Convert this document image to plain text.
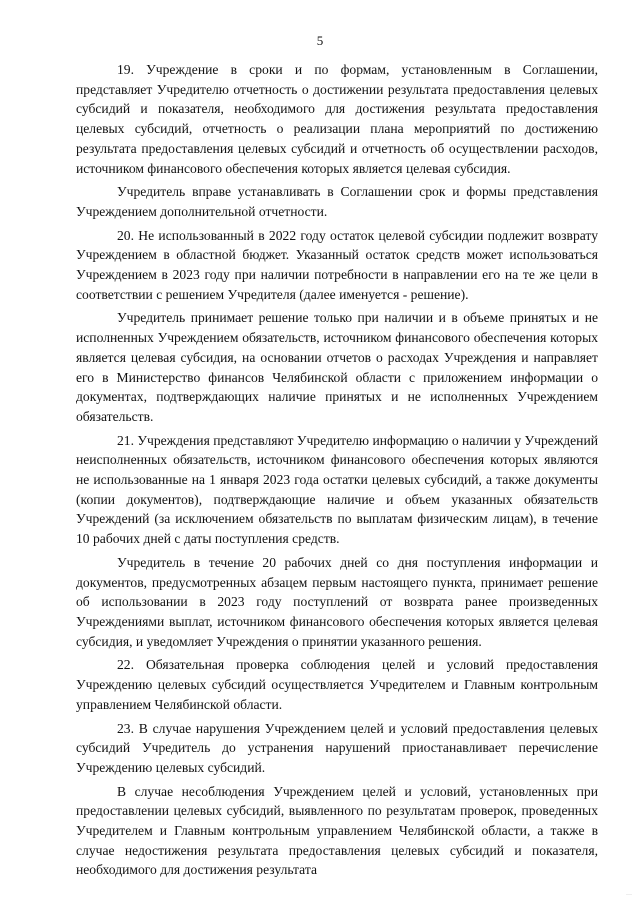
5

19. Учреждение в сроки и по формам, установленным в Соглашении, представляет Учредителю отчетность о достижении результата предоставления целевых субсидий и показателя, необходимого для достижения результата предоставления целевых субсидий, отчетность о реализации плана мероприятий по достижению результата предоставления целевых субсидий и отчетность об осуществлении расходов, источником финансового обеспечения которых является целевая субсидия.

Учредитель вправе устанавливать в Соглашении срок и формы представления Учреждением дополнительной отчетности.

20. Не использованный в 2022 году остаток целевой субсидии подлежит возврату Учреждением в областной бюджет. Указанный остаток средств может использоваться Учреждением в 2023 году при наличии потребности в направлении его на те же цели в соответствии с решением Учредителя (далее именуется - решение).

Учредитель принимает решение только при наличии и в объеме принятых и не исполненных Учреждением обязательств, источником финансового обеспечения которых является целевая субсидия, на основании отчетов о расходах Учреждения и направляет его в Министерство финансов Челябинской области с приложением информации о документах, подтверждающих наличие принятых и не исполненных Учреждением обязательств.

21. Учреждения представляют Учредителю информацию о наличии у Учреждений неисполненных обязательств, источником финансового обеспечения которых являются не использованные на 1 января 2023 года остатки целевых субсидий, а также документы (копии документов), подтверждающие наличие и объем указанных обязательств Учреждений (за исключением обязательств по выплатам физическим лицам), в течение 10 рабочих дней с даты поступления средств.

Учредитель в течение 20 рабочих дней со дня поступления информации и документов, предусмотренных абзацем первым настоящего пункта, принимает решение об использовании в 2023 году поступлений от возврата ранее произведенных Учреждениями выплат, источником финансового обеспечения которых является целевая субсидия, и уведомляет Учреждения о принятии указанного решения.

22. Обязательная проверка соблюдения целей и условий предоставления Учреждению целевых субсидий осуществляется Учредителем и Главным контрольным управлением Челябинской области.

23. В случае нарушения Учреждением целей и условий предоставления целевых субсидий Учредитель до устранения нарушений приостанавливает перечисление Учреждению целевых субсидий.

В случае несоблюдения Учреждением целей и условий, установленных при предоставлении целевых субсидий, выявленного по результатам проверок, проведенных Учредителем и Главным контрольным управлением Челябинской области, а также в случае недостижения результата предоставления целевых субсидий и показателя, необходимого для достижения результата

…
